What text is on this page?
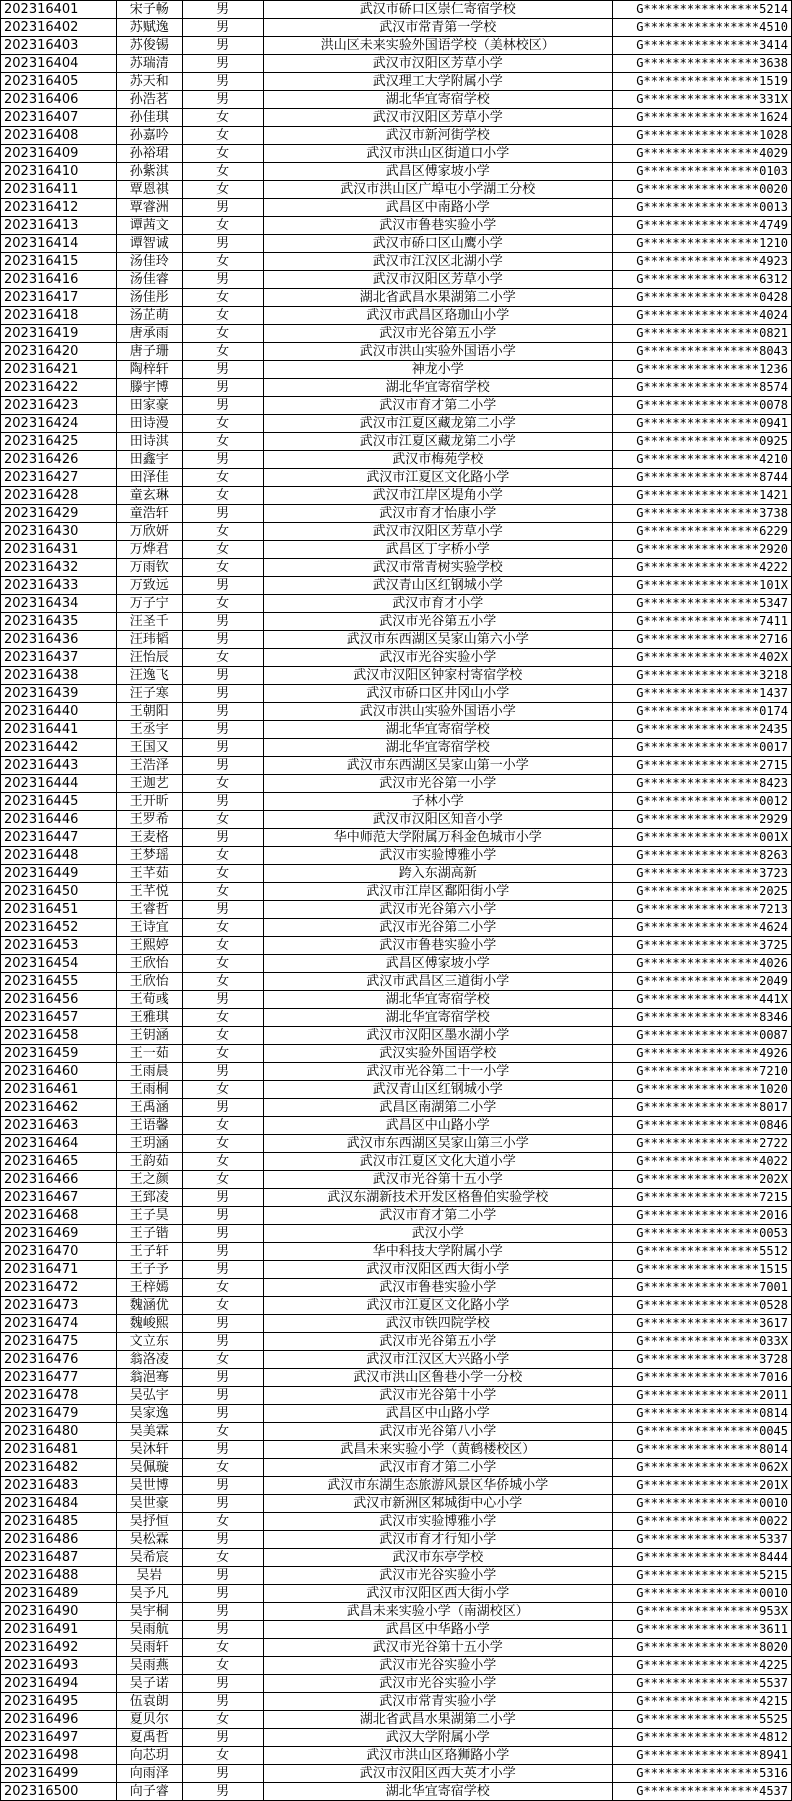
202316401	宋子畅	男	武汉市硚口区崇仁寄宿学校	G****************5214
202316402	苏赋逸	男	武汉市常青第一学校	G****************4510
202316403	苏俊锡	男	洪山区未来实验外国语学校（美林校区）	G****************3414
202316404	苏瑞清	男	武汉市汉阳区芳草小学	G****************3638
202316405	苏天和	男	武汉理工大学附属小学	G****************1519
202316406	孙浩茗	男	湖北华宜寄宿学校	G****************331X
202316407	孙佳琪	女	武汉市汉阳区芳草小学	G****************1624
202316408	孙嘉吟	女	武汉市新河街学校	G****************1028
202316409	孙裕珺	女	武汉市洪山区街道口小学	G****************4029
202316410	孙紫淇	女	武昌区傅家坡小学	G****************0103
202316411	覃恩祺	女	武汉市洪山区广埠屯小学湖工分校	G****************0020
202316412	覃睿洲	男	武昌区中南路小学	G****************0013
202316413	谭茜文	女	武汉市鲁巷实验小学	G****************4749
202316414	谭智诚	男	武汉市硚口区山鹰小学	G****************1210
202316415	汤佳玲	女	武汉市江汉区北湖小学	G****************4923
202316416	汤佳睿	男	武汉市汉阳区芳草小学	G****************6312
202316417	汤佳彤	女	湖北省武昌水果湖第二小学	G****************0428
202316418	汤芷萌	女	武汉市武昌区珞珈山小学	G****************4024
202316419	唐承雨	女	武汉市光谷第五小学	G****************0821
202316420	唐子珊	女	武汉市洪山实验外国语小学	G****************8043
202316421	陶梓轩	男	神龙小学	G****************1236
202316422	滕宇博	男	湖北华宜寄宿学校	G****************8574
202316423	田家豪	男	武汉市育才第二小学	G****************0078
202316424	田诗漫	女	武汉市江夏区藏龙第二小学	G****************0941
202316425	田诗淇	女	武汉市江夏区藏龙第二小学	G****************0925
202316426	田鑫宇	男	武汉市梅苑学校	G****************4210
202316427	田泽佳	女	武汉市江夏区文化路小学	G****************8744
202316428	童玄琳	女	武汉市江岸区堤角小学	G****************1421
202316429	童浩轩	男	武汉市育才怡康小学	G****************3738
202316430	万欣妍	女	武汉市汉阳区芳草小学	G****************6229
202316431	万烨君	女	武昌区丁字桥小学	G****************2920
202316432	万雨钦	女	武汉市常青树实验学校	G****************4222
202316433	万致远	男	武汉青山区红钢城小学	G****************101X
202316434	万子宁	女	武汉市育才小学	G****************5347
202316435	汪圣千	男	武汉市光谷第五小学	G****************7411
202316436	汪玮韬	男	武汉市东西湖区吴家山第六小学	G****************2716
202316437	汪怡辰	女	武汉市光谷实验小学	G****************402X
202316438	汪逸飞	男	武汉市汉阳区钟家村寄宿学校	G****************3218
202316439	汪子寒	男	武汉市硚口区井冈山小学	G****************1437
202316440	王朝阳	男	武汉市洪山实验外国语小学	G****************0174
202316441	王丞宇	男	湖北华宜寄宿学校	G****************2435
202316442	王国又	男	湖北华宜寄宿学校	G****************0017
202316443	王浩泽	男	武汉市东西湖区吴家山第一小学	G****************2715
202316444	王迦艺	女	武汉市光谷第一小学	G****************8423
202316445	王开昕	男	子林小学	G****************0012
202316446	王罗希	女	武汉市汉阳区知音小学	G****************2929
202316447	王麦格	男	华中师范大学附属万科金色城市小学	G****************001X
202316448	王梦瑶	女	武汉市实验博雅小学	G****************8263
202316449	王芊茹	女	跨入东湖高新	G****************3723
202316450	王芊悦	女	武汉市江岸区鄱阳街小学	G****************2025
202316451	王睿哲	男	武汉市光谷第六小学	G****************7213
202316452	王诗宜	女	武汉市光谷第二小学	G****************4624
202316453	王熙婷	女	武汉市鲁巷实验小学	G****************3725
202316454	王欣怡	女	武昌区傅家坡小学	G****************4026
202316455	王欣怡	女	武汉市武昌区三道街小学	G****************2049
202316456	王荀彧	男	湖北华宜寄宿学校	G****************441X
202316457	王雅琪	女	湖北华宜寄宿学校	G****************8346
202316458	王钥涵	女	武汉市汉阳区墨水湖小学	G****************0087
202316459	王一茹	女	武汉实验外国语学校	G****************4926
202316460	王雨晨	男	武汉市光谷第二十一小学	G****************7210
202316461	王雨桐	女	武汉青山区红钢城小学	G****************1020
202316462	王禹涵	男	武昌区南湖第二小学	G****************8017
202316463	王语馨	女	武昌区中山路小学	G****************0846
202316464	王玥涵	女	武汉市东西湖区吴家山第三小学	G****************2722
202316465	王韵茹	女	武汉市江夏区文化大道小学	G****************4022
202316466	王之颜	女	武汉市光谷第十五小学	G****************202X
202316467	王郅凌	男	武汉东湖新技术开发区格鲁伯实验学校	G****************7215
202316468	王子昊	男	武汉市育才第二小学	G****************2016
202316469	王子锴	男	武汉小学	G****************0053
202316470	王子轩	男	华中科技大学附属小学	G****************5512
202316471	王子予	男	武汉市汉阳区西大街小学	G****************1515
202316472	王梓嫣	女	武汉市鲁巷实验小学	G****************7001
202316473	魏涵优	女	武汉市江夏区文化路小学	G****************0528
202316474	魏峻熙	男	武汉市铁四院学校	G****************3617
202316475	文立东	男	武汉市光谷第五小学	G****************033X
202316476	翁洛凌	女	武汉市江汉区大兴路小学	G****************3728
202316477	翁浥骞	男	武汉市洪山区鲁巷小学一分校	G****************7016
202316478	吴弘宇	男	武汉市光谷第十小学	G****************2011
202316479	吴家逸	男	武昌区中山路小学	G****************0814
202316480	吴美霖	女	武汉市光谷第八小学	G****************0045
202316481	吴沐轩	男	武昌未来实验小学（黄鹤楼校区）	G****************8014
202316482	吴佩璇	女	武汉市育才第二小学	G****************062X
202316483	吴世博	男	武汉市东湖生态旅游风景区华侨城小学	G****************201X
202316484	吴世豪	男	武汉市新洲区邾城街中心小学	G****************0010
202316485	吴抒恒	女	武汉市实验博雅小学	G****************0022
202316486	吴松霖	男	武汉市育才行知小学	G****************5337
202316487	吴希宸	女	武汉市东亭学校	G****************8444
202316488	吴岩	男	武汉市光谷实验小学	G****************5215
202316489	吴予凡	男	武汉市汉阳区西大街小学	G****************0010
202316490	吴宇桐	男	武昌未来实验小学（南湖校区）	G****************953X
202316491	吴雨航	男	武昌区中华路小学	G****************3611
202316492	吴雨轩	女	武汉市光谷第十五小学	G****************8020
202316493	吴雨燕	女	武汉市光谷实验小学	G****************4225
202316494	吴子诺	男	武汉市光谷实验小学	G****************5537
202316495	伍袁朗	男	武汉市常青实验小学	G****************4215
202316496	夏贝尔	女	湖北省武昌水果湖第二小学	G****************5525
202316497	夏禹哲	男	武汉大学附属小学	G****************4812
202316498	向芯玥	女	武汉市洪山区珞狮路小学	G****************8941
202316499	向雨泽	男	武汉市汉阳区西大英才小学	G****************5316
202316500	向子睿	男	湖北华宜寄宿学校	G****************4537
